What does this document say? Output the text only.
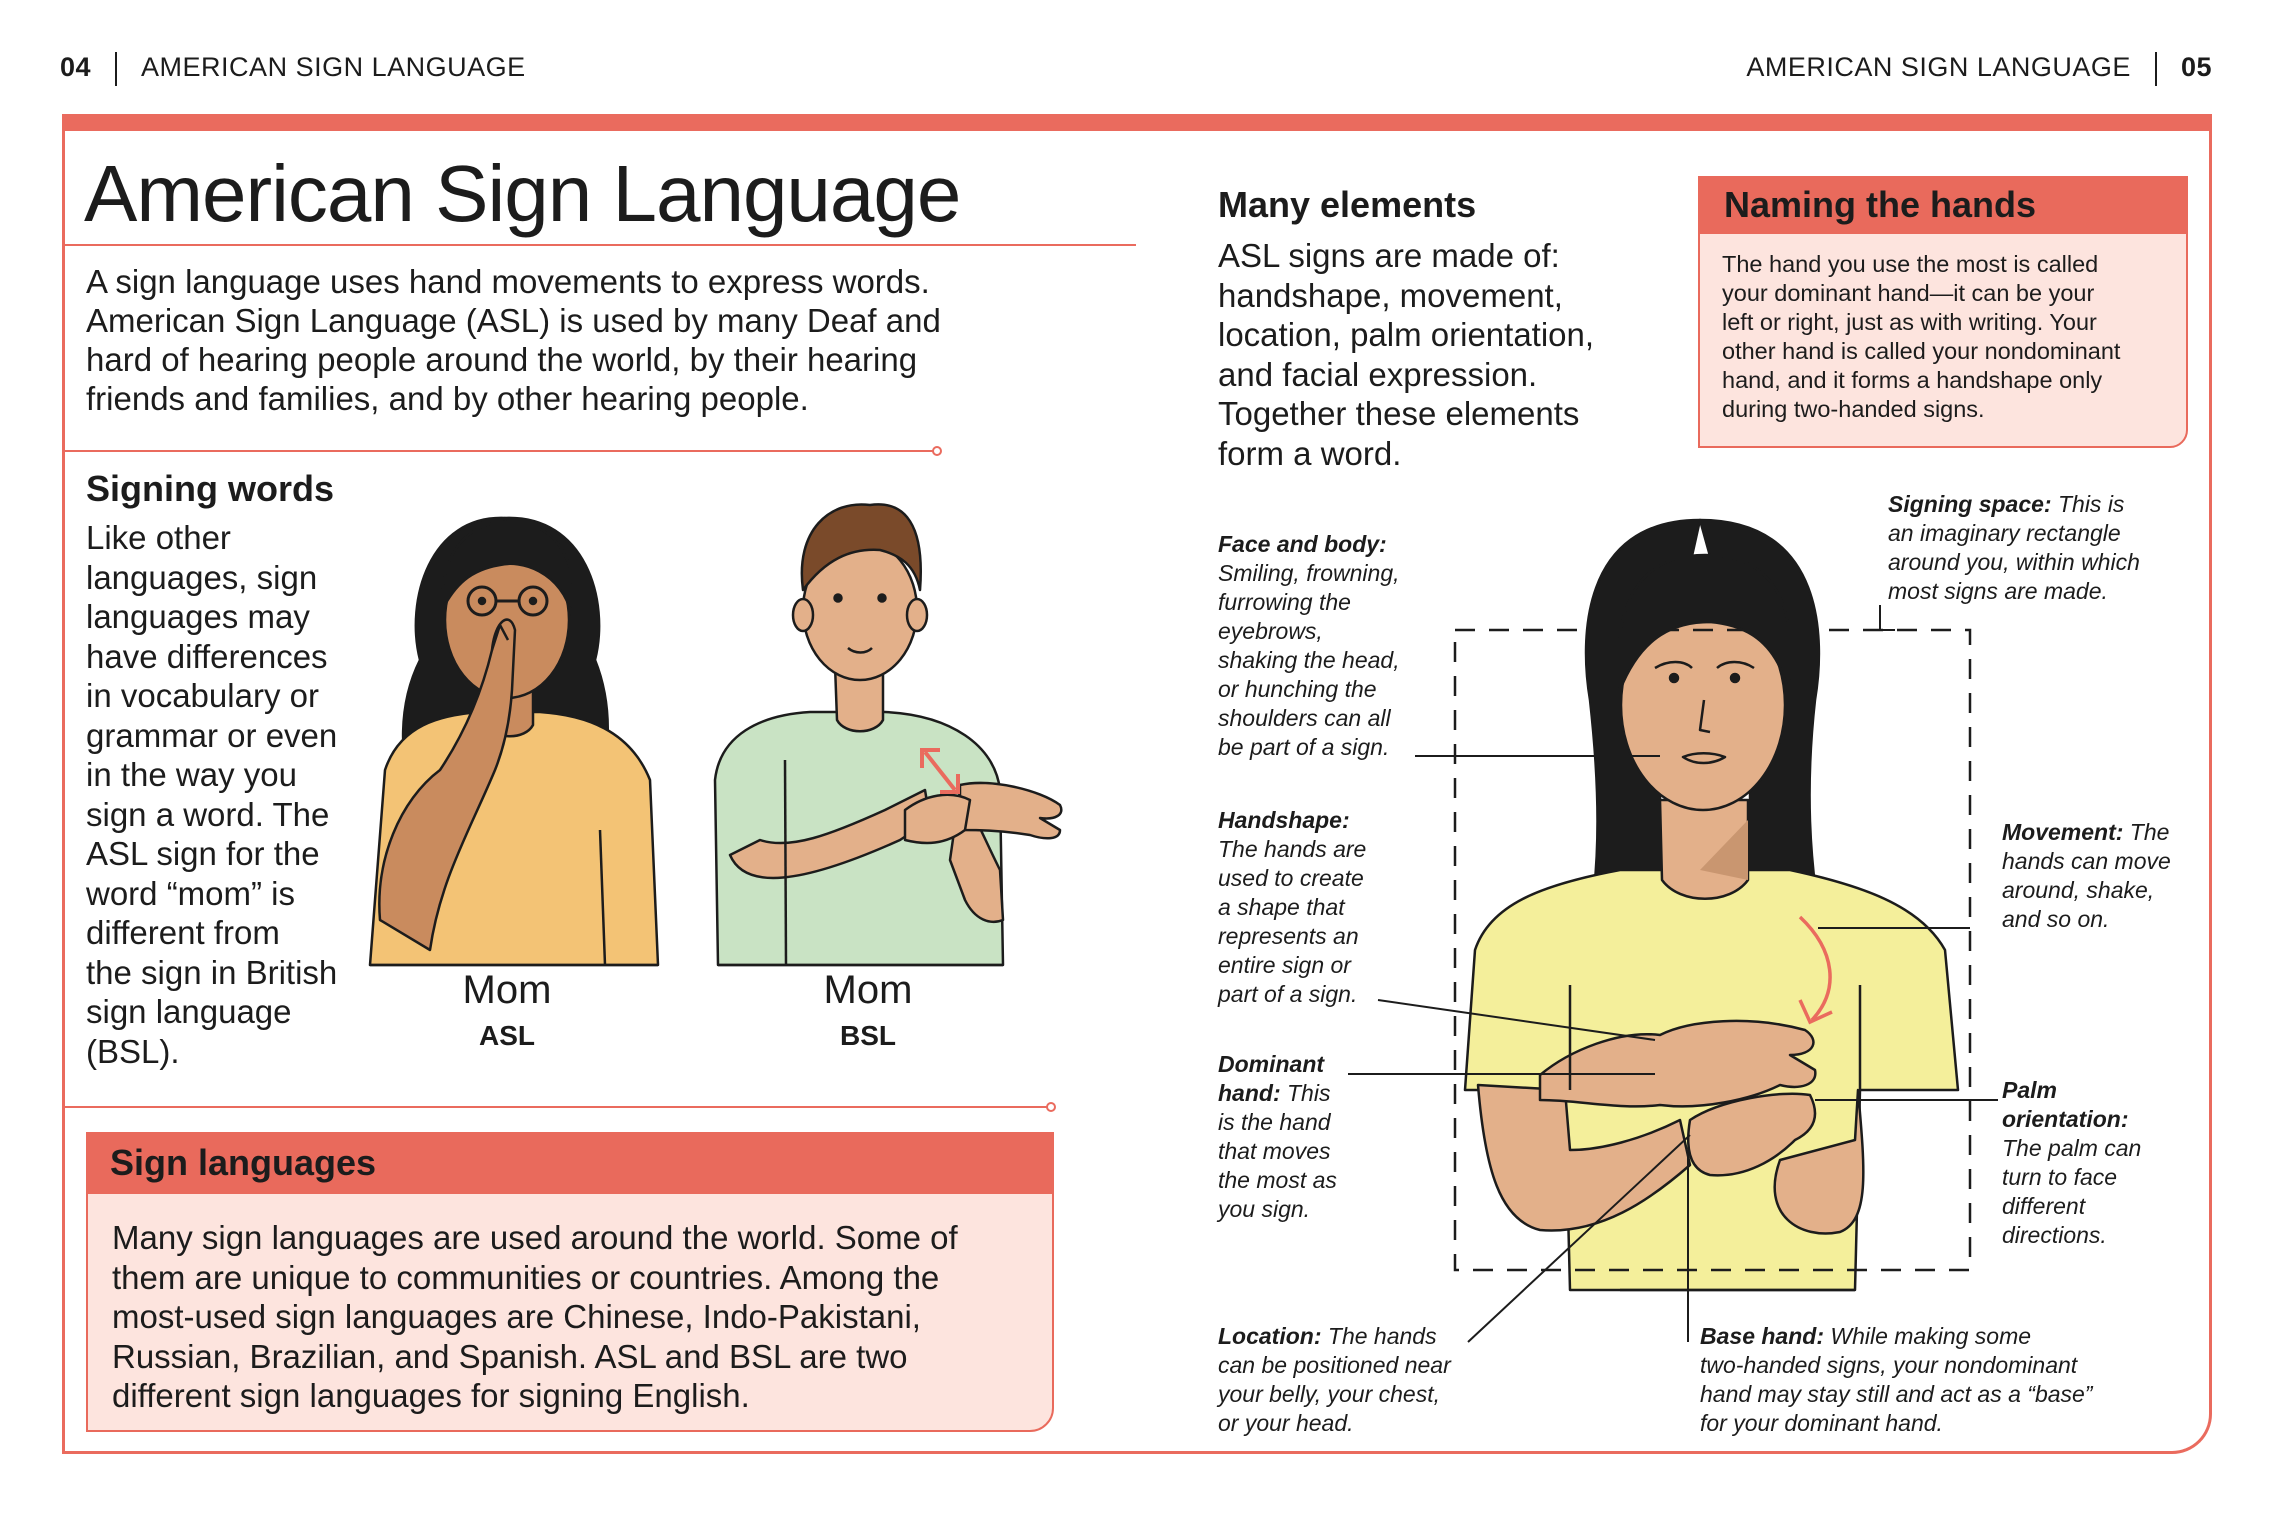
04 AMERICAN SIGN LANGUAGE	AMERICAN SIGN LANGUAGE 05
American Sign Language
A sign language uses hand movements to express words.
American Sign Language (ASL) is used by many Deaf and
hard of hearing people around the world, by their hearing
friends and families, and by other hearing people.
Signing words
Like other
languages, sign
languages may
have differences
in vocabulary or
grammar or even
in the way you
sign a word. The
ASL sign for the
word “mom” is
different from
the sign in British
sign language
(BSL).
Mom
ASL
Mom
BSL
Sign languages
Many sign languages are used around the world. Some of
them are unique to communities or countries. Among the
most-used sign languages are Chinese, Indo-Pakistani,
Russian, Brazilian, and Spanish. ASL and BSL are two
different sign languages for signing English.
Many elements
ASL signs are made of:
handshape, movement,
location, palm orientation,
and facial expression.
Together these elements
form a word.
Naming the hands
The hand you use the most is called
your dominant hand—it can be your
left or right, just as with writing. Your
other hand is called your nondominant
hand, and it forms a handshape only
during two-handed signs.
Face and body:
Smiling, frowning,
furrowing the
eyebrows,
shaking the head,
or hunching the
shoulders can all
be part of a sign.
Handshape:
The hands are
used to create
a shape that
represents an
entire sign or
part of a sign.
Dominant
hand: This
is the hand
that moves
the most as
you sign.
Location: The hands
can be positioned near
your belly, your chest,
or your head.
Signing space: This is
an imaginary rectangle
around you, within which
most signs are made.
Movement: The
hands can move
around, shake,
and so on.
Palm
orientation:
The palm can
turn to face
different
directions.
Base hand: While making some
two-handed signs, your nondominant
hand may stay still and act as a “base”
for your dominant hand.
